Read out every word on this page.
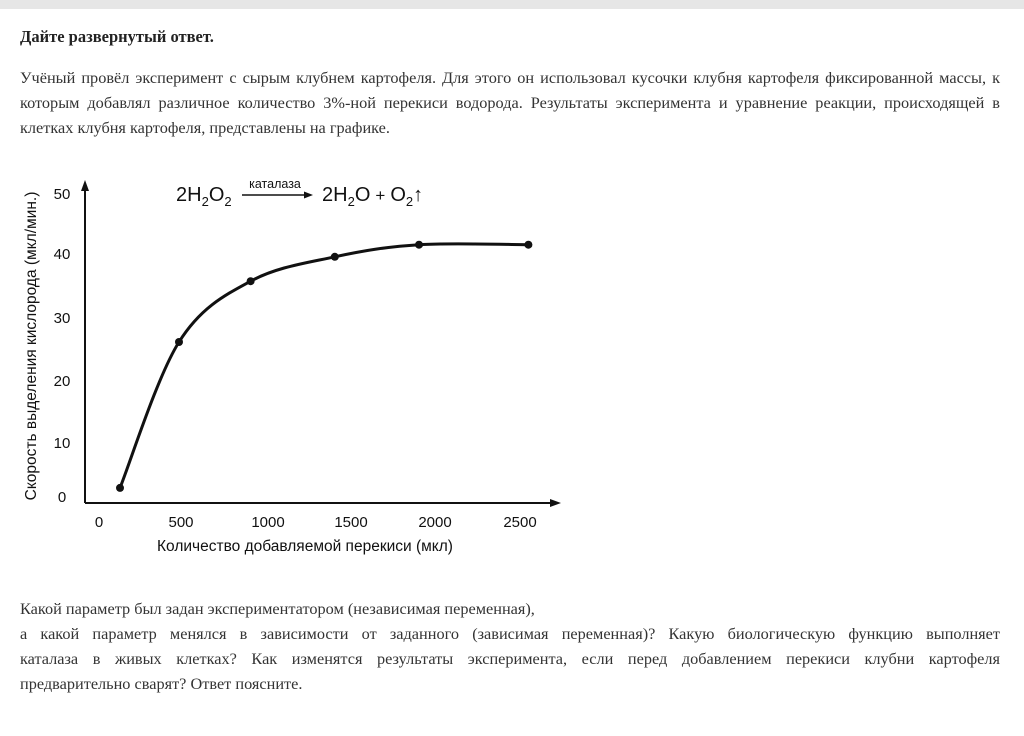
Дайте развернутый ответ.
Учёный провёл эксперимент с сырым клубнем картофеля. Для этого он использовал кусочки клубня картофеля фиксированной массы, к которым добавлял различное количество 3%-ной перекиси водорода. Результаты эксперимента и уравнение реакции, происходящей в клетках клубня картофеля, представлены на графике.
0
10
20
30
40
50
0	500	1000	1500	2000	2500
Количество добавляемой перекиси (мкл)
Скорость выделения кислорода (мкл/мин.)	$2H_2O_2$
каталаза $2H_2O$ + $O_2↑$
Какой параметр был задан экспериментатором (независимая переменная),
а какой параметр менялся в зависимости от заданного (зависимая переменная)? Какую биологическую функцию выполняет
каталаза в живых клетках? Как изменятся результаты эксперимента, если перед добавлением перекиси клубни картофеля
предварительно сварят? Ответ поясните.
